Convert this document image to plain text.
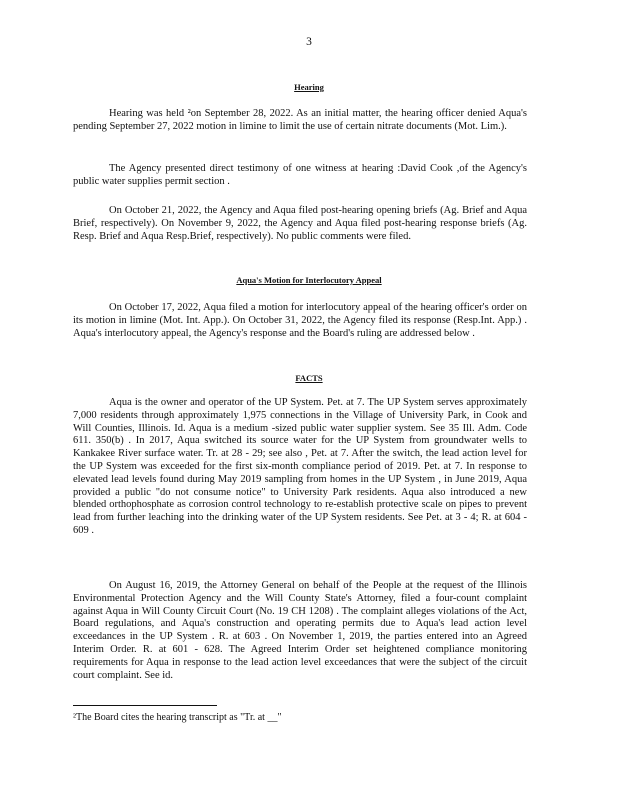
3
Hearing

Hearing was held ²on September 28, 2022. As an initial matter, the hearing officer denied Aqua's pending September 27, 2022 motion in limine to limit the use of certain nitrate documents (Mot. Lim.).

The Agency presented direct testimony of one witness at hearing :David Cook ,of the Agency's public water supplies permit section .

On October 21, 2022, the Agency and Aqua filed post-hearing opening briefs (Ag. Brief and Aqua Brief, respectively). On November 9, 2022, the Agency and Aqua filed post-hearing response briefs (Ag. Resp. Brief and Aqua Resp.Brief, respectively). No public comments were filed.

Aqua's Motion for Interlocutory Appeal

On October 17, 2022, Aqua filed a motion for interlocutory appeal of the hearing officer's order on its motion in limine (Mot. Int. App.). On October 31, 2022, the Agency filed its response (Resp.Int. App.) . Aqua's interlocutory appeal, the Agency's response and the Board's ruling are addressed below .

FACTS

Aqua is the owner and operator of the UP System. Pet. at 7. The UP System serves approximately 7,000 residents through approximately 1,975 connections in the Village of University Park, in Cook and Will Counties, Illinois. Id. Aqua is a medium -sized public water supplier system. See 35 Ill. Adm. Code 611. 350(b) . In 2017, Aqua switched its source water for the UP System from groundwater wells to Kankakee River surface water. Tr. at 28 - 29; see also , Pet. at 7. After the switch, the lead action level for the UP System was exceeded for the first six-month compliance period of 2019. Pet. at 7. In response to elevated lead levels found during May 2019 sampling from homes in the UP System , in June 2019, Aqua provided a public "do not consume notice" to University Park residents. Aqua also introduced a new blended orthophosphate as corrosion control technology to re-establish protective scale on pipes to prevent lead from further leaching into the drinking water of the UP System residents. See Pet. at 3 - 4; R. at 604 - 609 .

On August 16, 2019, the Attorney General on behalf of the People at the request of the Illinois Environmental Protection Agency and the Will County State's Attorney, filed a four-count complaint against Aqua in Will County Circuit Court (No. 19 CH 1208) . The complaint alleges violations of the Act, Board regulations, and Aqua's construction and operating permits due to Aqua's lead action level exceedances in the UP System . R. at 603 . On November 1, 2019, the parties entered into an Agreed Interim Order. R. at 601 - 628. The Agreed Interim Order set heightened compliance monitoring requirements for Aqua in response to the lead action level exceedances that were the subject of the circuit court complaint. See id.

²The Board cites the hearing transcript as "Tr. at __"
